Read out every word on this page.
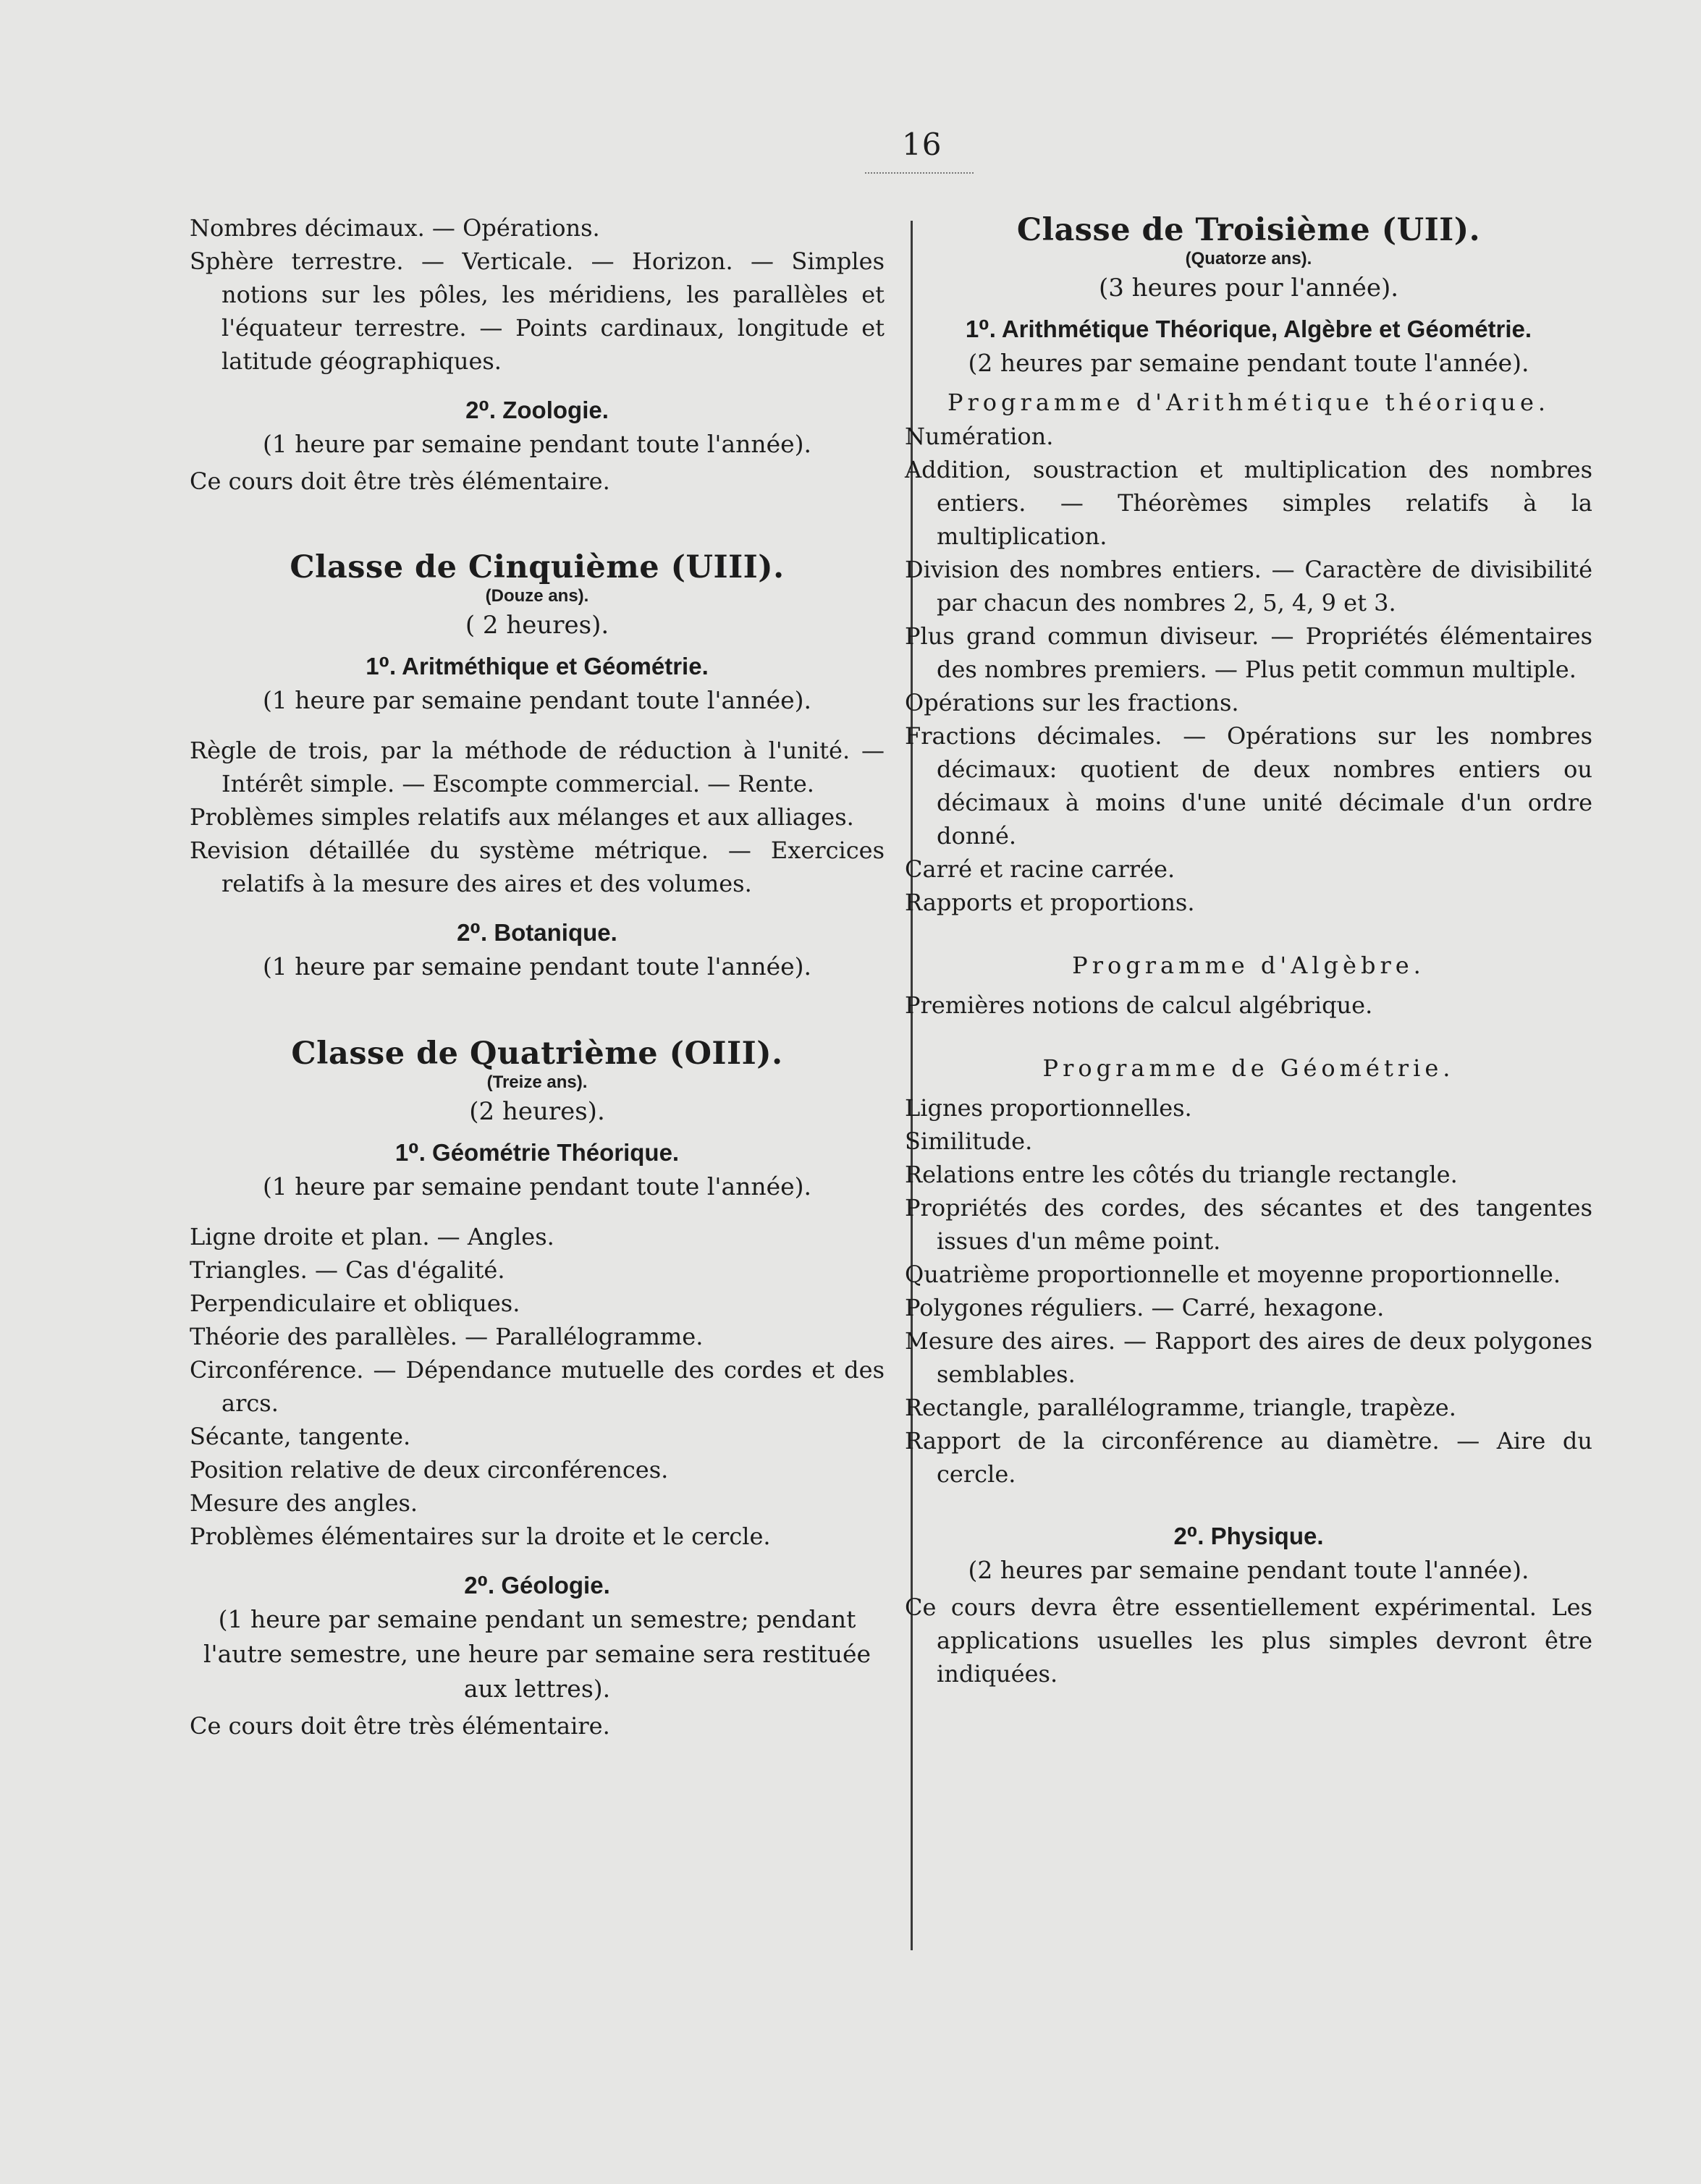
16

Nombres décimaux. — Opérations.

Sphère terrestre. — Verticale. — Horizon. — Simples notions sur les pôles, les méridiens, les parallèles et l'équateur terrestre. — Points cardinaux, longitude et latitude géographiques.

2⁰. Zoologie.

(1 heure par semaine pendant toute l'année).

Ce cours doit être très élémentaire.

Classe de Cinquième (UIII).

(Douze ans).

( 2 heures).

1⁰. Aritméthique et Géométrie.

(1 heure par semaine pendant toute l'année).

Règle de trois, par la méthode de réduction à l'unité. — Intérêt simple. — Escompte commercial. — Rente.

Problèmes simples relatifs aux mélanges et aux alliages.

Revision détaillée du système métrique. — Exercices relatifs à la mesure des aires et des volumes.

2⁰. Botanique.

(1 heure par semaine pendant toute l'année).

Classe de Quatrième (OIII).

(Treize ans).

(2 heures).

1⁰. Géométrie Théorique.

(1 heure par semaine pendant toute l'année).

Ligne droite et plan. — Angles.

Triangles. — Cas d'égalité.

Perpendiculaire et obliques.

Théorie des parallèles. — Parallélogramme.

Circonférence. — Dépendance mutuelle des cordes et des arcs.

Sécante, tangente.

Position relative de deux circonférences.

Mesure des angles.

Problèmes élémentaires sur la droite et le cercle.

2⁰. Géologie.

(1 heure par semaine pendant un semestre; pendant l'autre semestre, une heure par semaine sera restituée aux lettres).

Ce cours doit être très élémentaire.

Classe de Troisième (UII).

(Quatorze ans).

(3 heures pour l'année).

1⁰. Arithmétique Théorique, Algèbre et Géométrie.

(2 heures par semaine pendant toute l'année).

Programme d'Arithmétique théorique.

Numération.

Addition, soustraction et multiplication des nombres entiers. — Théorèmes simples relatifs à la multiplication.

Division des nombres entiers. — Caractère de divisibilité par chacun des nombres 2, 5, 4, 9 et 3.

Plus grand commun diviseur. — Propriétés élémentaires des nombres premiers. — Plus petit commun multiple.

Opérations sur les fractions.

Fractions décimales. — Opérations sur les nombres décimaux: quotient de deux nombres entiers ou décimaux à moins d'une unité décimale d'un ordre donné.

Carré et racine carrée.

Rapports et proportions.

Programme d'Algèbre.

Premières notions de calcul algébrique.

Programme de Géométrie.

Lignes proportionnelles.

Similitude.

Relations entre les côtés du triangle rectangle.

Propriétés des cordes, des sécantes et des tangentes issues d'un même point.

Quatrième proportionnelle et moyenne proportionnelle.

Polygones réguliers. — Carré, hexagone.

Mesure des aires. — Rapport des aires de deux polygones semblables.

Rectangle, parallélogramme, triangle, trapèze.

Rapport de la circonférence au diamètre. — Aire du cercle.

2⁰. Physique.

(2 heures par semaine pendant toute l'année).

Ce cours devra être essentiellement expérimental. Les applications usuelles les plus simples devront être indiquées.
